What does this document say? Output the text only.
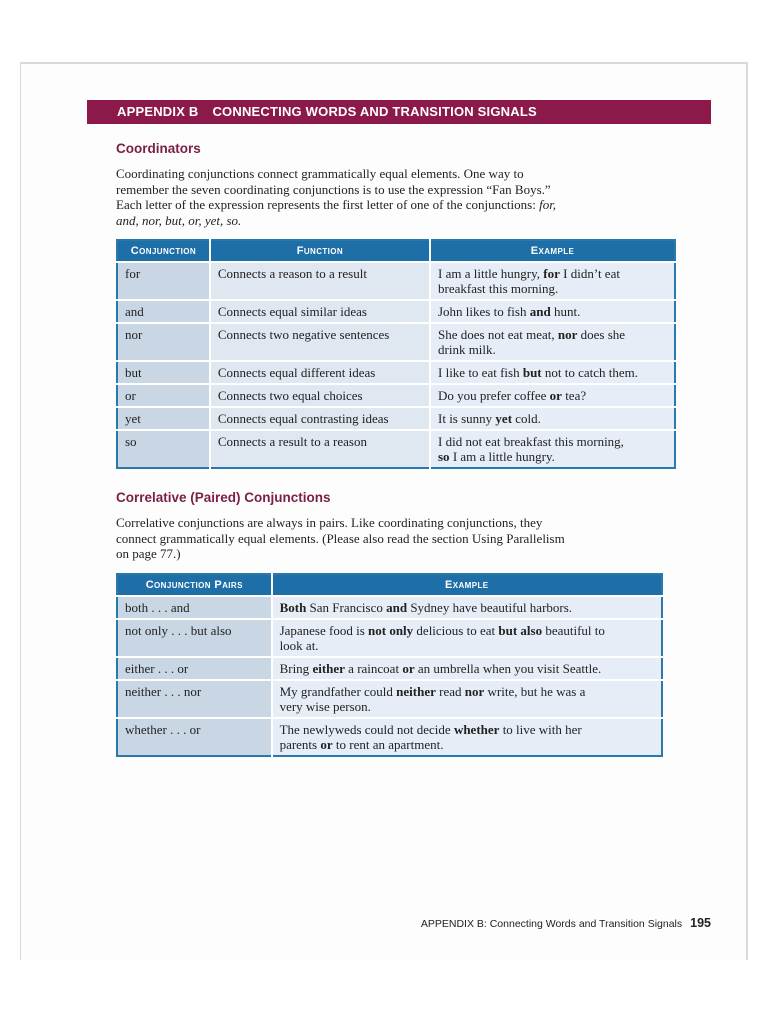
APPENDIX B CONNECTING WORDS AND TRANSITION SIGNALS
Coordinators

Coordinating conjunctions connect grammatically equal elements. One way to
remember the seven coordinating conjunctions is to use the expression “Fan Boys.”
Each letter of the expression represents the first letter of one of the conjunctions: for,
and, nor, but, or, yet, so.

Conjunction	Function	Example
for	Connects a reason to a result	I am a little hungry, for I didn’t eat
breakfast this morning.
and	Connects equal similar ideas	John likes to fish and hunt.
nor	Connects two negative sentences	She does not eat meat, nor does she
drink milk.
but	Connects equal different ideas	I like to eat fish but not to catch them.
or	Connects two equal choices	Do you prefer coffee or tea?
yet	Connects equal contrasting ideas	It is sunny yet cold.
so	Connects a result to a reason	I did not eat breakfast this morning,
so I am a little hungry.
Correlative (Paired) Conjunctions

Correlative conjunctions are always in pairs. Like coordinating conjunctions, they
connect grammatically equal elements. (Please also read the section Using Parallelism
on page 77.)

Conjunction Pairs	Example
both . . . and	Both San Francisco and Sydney have beautiful harbors.
not only . . . but also	Japanese food is not only delicious to eat but also beautiful to
look at.
either . . . or	Bring either a raincoat or an umbrella when you visit Seattle.
neither . . . nor	My grandfather could neither read nor write, but he was a
very wise person.
whether . . . or	The newlyweds could not decide whether to live with her
parents or to rent an apartment.
APPENDIX B: Connecting Words and Transition Signals 195
